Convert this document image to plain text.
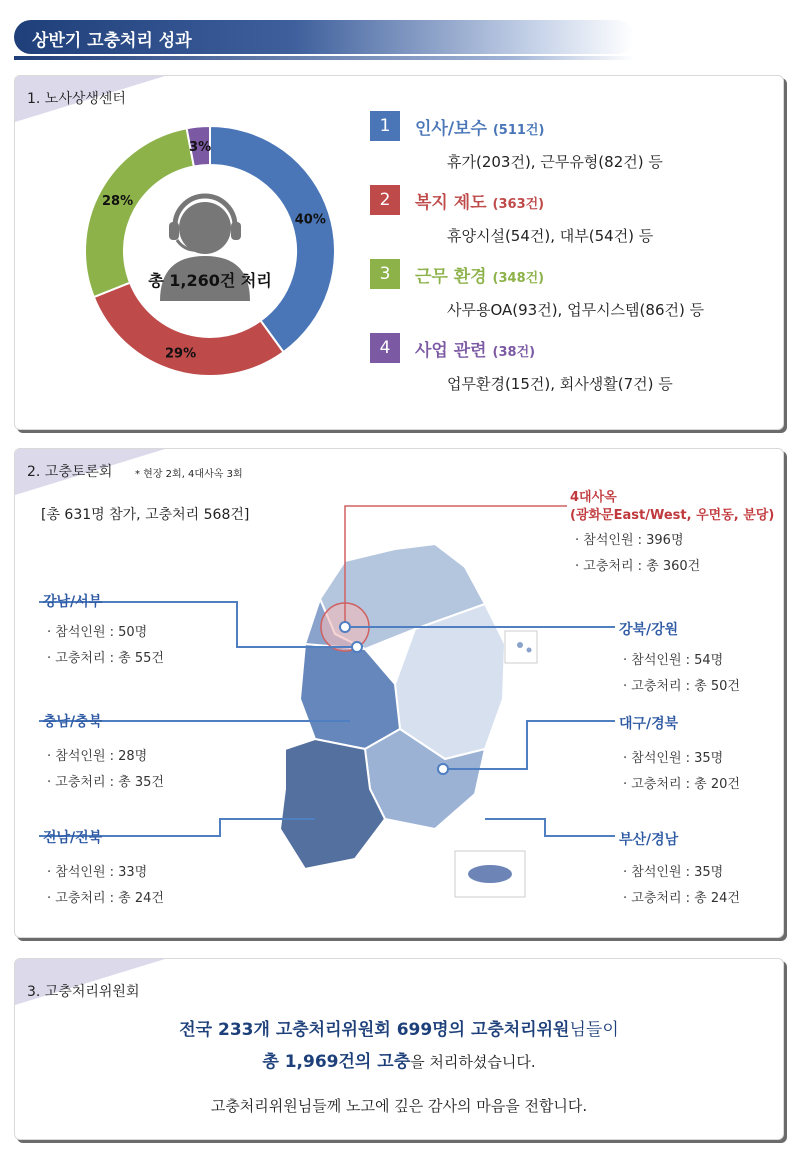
상반기 고충처리 성과
1. 노사상생센터
40%
29%
28%
3%
총 1,260건 처리
1	인사/보수 (511건)
휴가(203건), 근무유형(82건) 등
2	복지 제도 (363건)
휴양시설(54건), 대부(54건) 등
3	근무 환경 (348건)
사무용OA(93건), 업무시스템(86건) 등
4	사업 관련 (38건)
업무환경(15건), 회사생활(7건) 등
2. 고충토론회 * 현장 2회, 4대사옥 3회
[총 631명 참가, 고충처리 568건]
4대사옥
(광화문East/West, 우면동, 분당)
· 참석인원 : 396명
· 고충처리 : 총 360건
강남/서부
· 참석인원 : 50명
· 고충처리 : 총 55건
충남/충북
· 참석인원 : 28명
· 고충처리 : 총 35건
전남/전북
· 참석인원 : 33명
· 고충처리 : 총 24건
강북/강원
· 참석인원 : 54명
· 고충처리 : 총 50건
대구/경북
· 참석인원 : 35명
· 고충처리 : 총 20건
부산/경남
· 참석인원 : 35명
· 고충처리 : 총 24건
3. 고충처리위원회
전국 233개 고충처리위원회 699명의 고충처리위원님들이
총 1,969건의 고충을 처리하셨습니다.
고충처리위원님들께 노고에 깊은 감사의 마음을 전합니다.
